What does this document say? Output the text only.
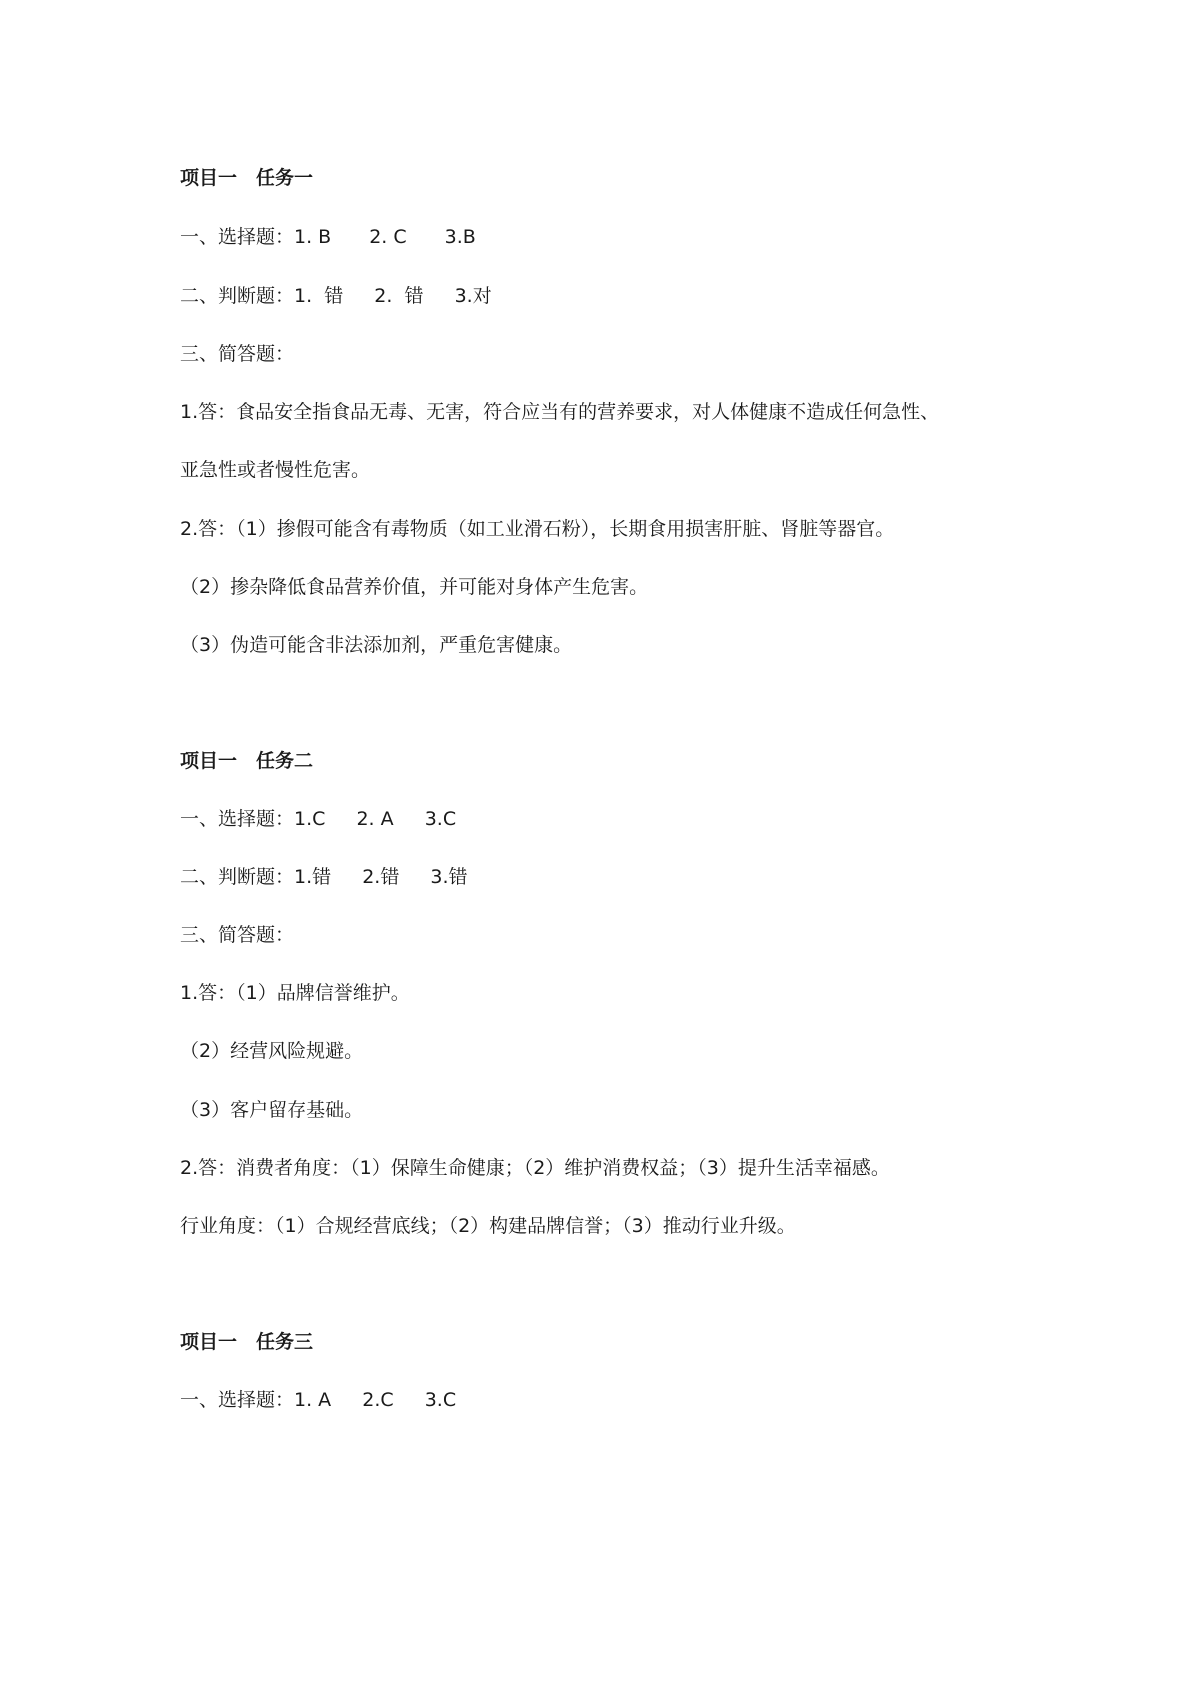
项目一　任务一
一、选择题：1. B　　2. C　　3.B
二、判断题：1.  错　  2.  错　  3.对
三、简答题：
1.答：食品安全指食品无毒、无害，符合应当有的营养要求，对人体健康不造成任何急性、
亚急性或者慢性危害。
2.答：（1）掺假可能含有毒物质（如工业滑石粉），长期食用损害肝脏、肾脏等器官。
（2）掺杂降低食品营养价值，并可能对身体产生危害。
（3）伪造可能含非法添加剂，严重危害健康。
项目一　任务二
一、选择题：1.C　  2. A　  3.C
二、判断题：1.错　  2.错　  3.错
三、简答题：
1.答：（1）品牌信誉维护。
（2）经营风险规避。
（3）客户留存基础。
2.答：消费者角度：（1）保障生命健康；（2）维护消费权益；（3）提升生活幸福感。
行业角度：（1）合规经营底线；（2）构建品牌信誉；（3）推动行业升级。
项目一　任务三
一、选择题：1. A　  2.C　  3.C
